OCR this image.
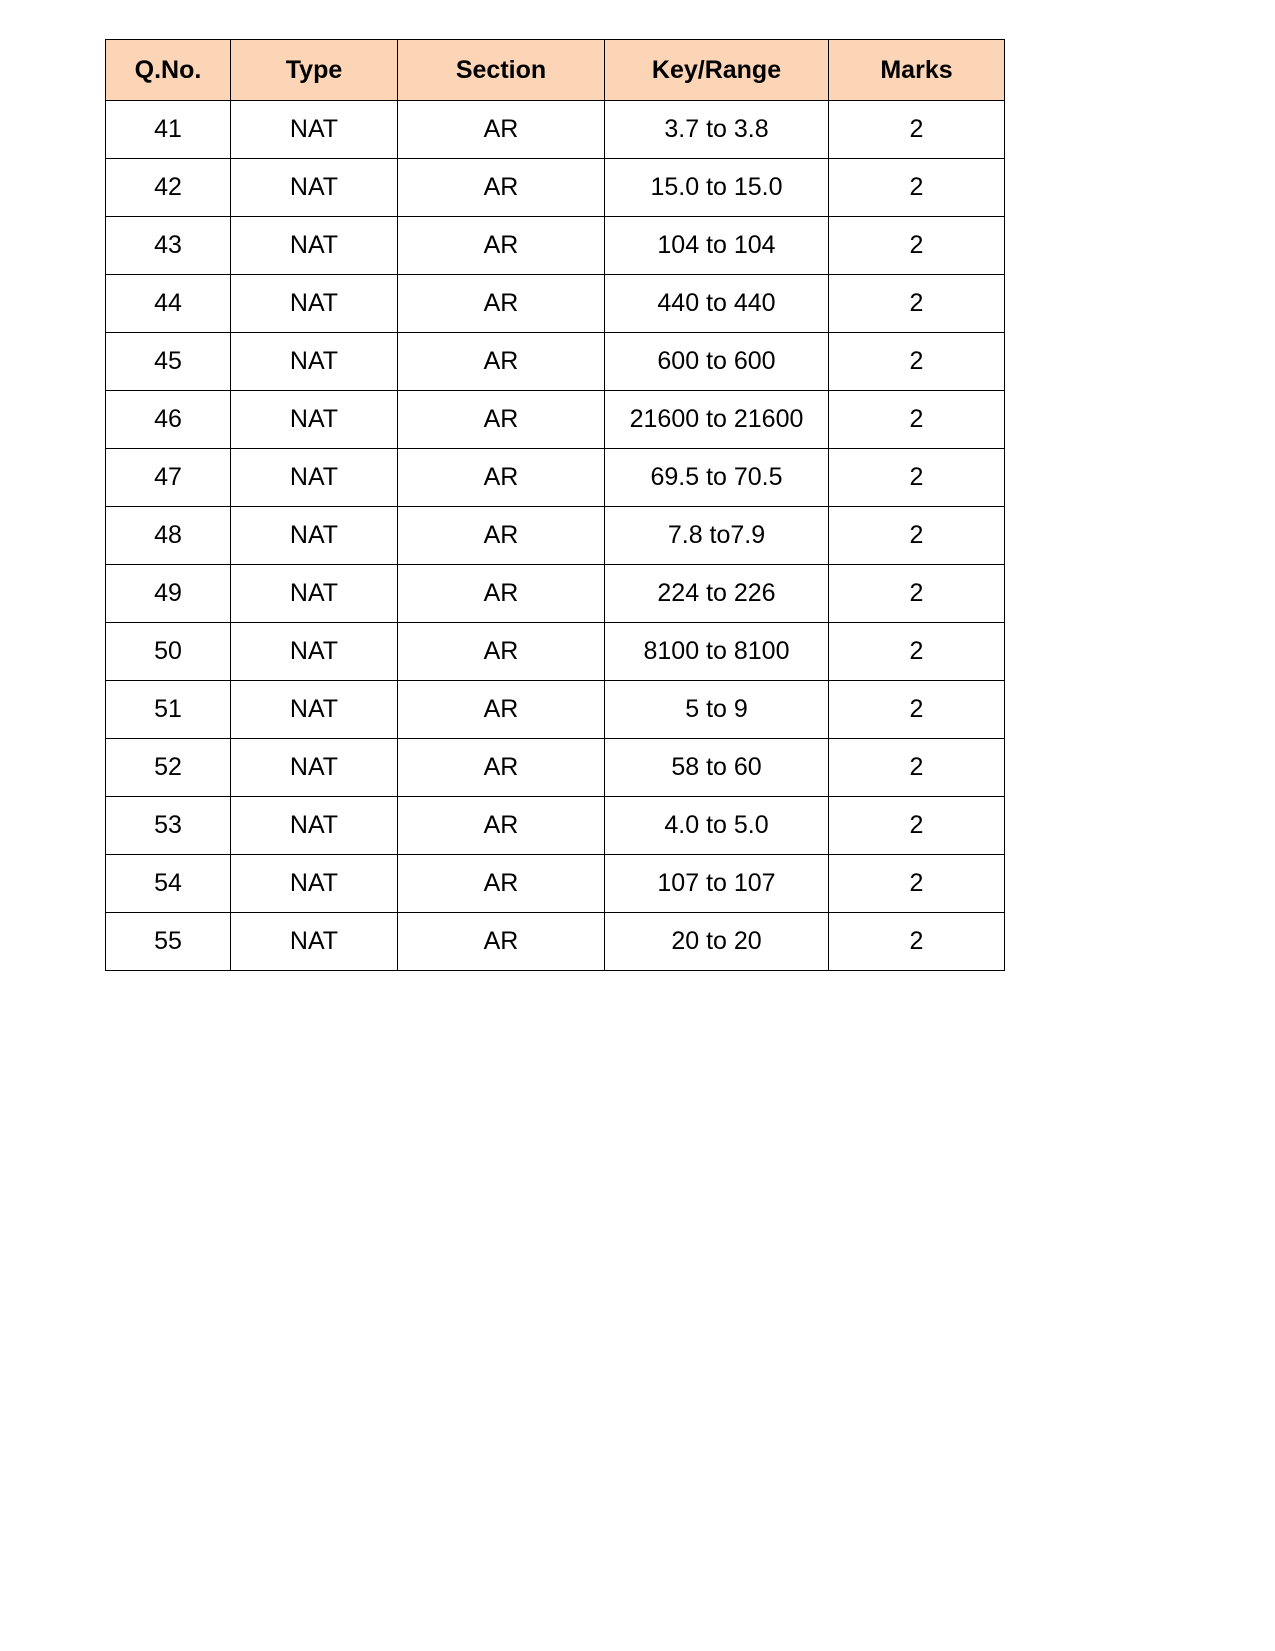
Q.No.	Type	Section	Key/Range	Marks
41	NAT	AR	3.7 to 3.8	2
42	NAT	AR	15.0 to 15.0	2
43	NAT	AR	104 to 104	2
44	NAT	AR	440 to 440	2
45	NAT	AR	600 to 600	2
46	NAT	AR	21600 to 21600	2
47	NAT	AR	69.5 to 70.5	2
48	NAT	AR	7.8 to7.9	2
49	NAT	AR	224 to 226	2
50	NAT	AR	8100 to 8100	2
51	NAT	AR	5 to 9	2
52	NAT	AR	58 to 60	2
53	NAT	AR	4.0 to 5.0	2
54	NAT	AR	107 to 107	2
55	NAT	AR	20 to 20	2
